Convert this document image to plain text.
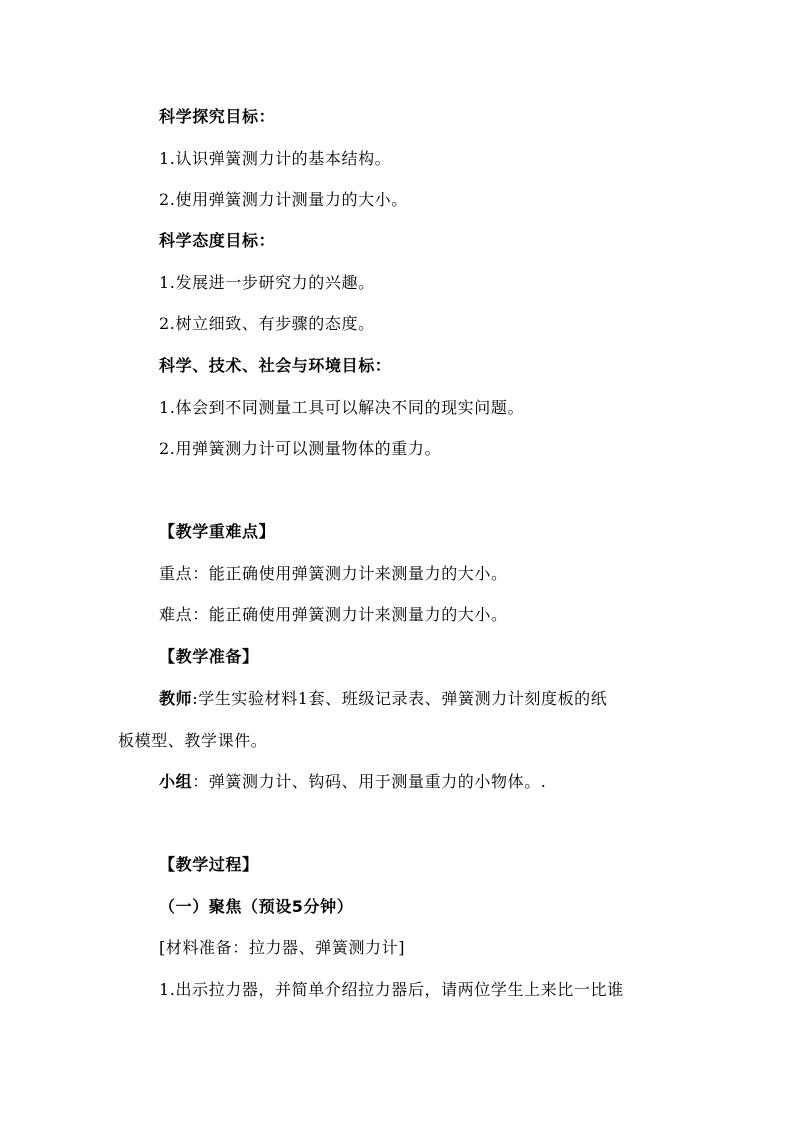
科学探究目标：
1.认识弹簧测力计的基本结构。
2.使用弹簧测力计测量力的大小。
科学态度目标：
1.发展进一步研究力的兴趣。
2.树立细致、有步骤的态度。
科学、技术、社会与环境目标：
1.体会到不同测量工具可以解决不同的现实问题。
2.用弹簧测力计可以测量物体的重力。
【教学重难点】
重点：能正确使用弹簧测力计来测量力的大小。
难点：能正确使用弹簧测力计来测量力的大小。
【教学准备】
教师:学生实验材料1套、班级记录表、弹簧测力计刻度板的纸
板模型、教学课件。
小组：弹簧测力计、钩码、用于测量重力的小物体。.
【教学过程】
（一）聚焦（预设5分钟）
[材料准备：拉力器、弹簧测力计]
1.出示拉力器，并简单介绍拉力器后，请两位学生上来比一比谁
